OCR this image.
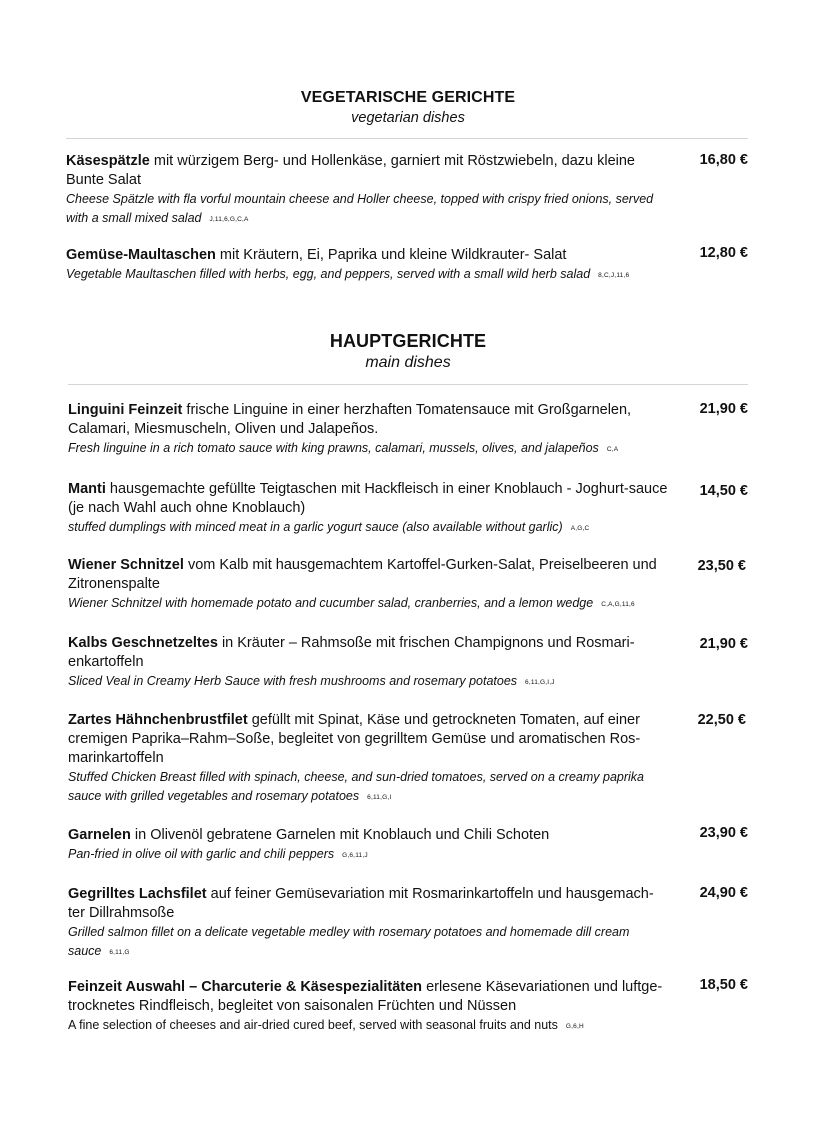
VEGETARISCHE GERICHTE
vegetarian dishes
Käsespätzle mit würzigem Berg- und Hollenkäse, garniert mit Röstzwiebeln, dazu kleine Bunte Salat
Cheese Spätzle with fla vorful mountain cheese and Holler cheese, topped with crispy fried onions, served with a small mixed salad J,11,6,G,C,A
16,80 €
Gemüse-Maultaschen mit Kräutern, Ei, Paprika und kleine Wildkrauter- Salat
Vegetable Maultaschen filled with herbs, egg, and peppers, served with a small wild herb salad 8,C,J,11,6
12,80 €
HAUPTGERICHTE
main dishes
Linguini Feinzeit frische Linguine in einer herzhaften Tomatensauce mit Großgarnelen, Calamari, Miesmuscheln, Oliven und Jalapeños.
Fresh linguine in a rich tomato sauce with king prawns, calamari, mussels, olives, and jalapeños C,A
21,90 €
Manti hausgemachte gefüllte Teigtaschen mit Hackfleisch in einer Knoblauch - Joghurt-sauce (je nach Wahl auch ohne Knoblauch)
stuffed dumplings with minced meat in a garlic yogurt sauce (also available without garlic) A,G,C
14,50 €
Wiener Schnitzel vom Kalb mit hausgemachtem Kartoffel-Gurken-Salat, Preiselbeeren und Zitronenspalte
Wiener Schnitzel with homemade potato and cucumber salad, cranberries, and a lemon wedge C,A,G,11,6
23,50 €
Kalbs Geschnetzeltes in Kräuter – Rahmsoße mit frischen Champignons und Rosmari-enkartoffeln
Sliced Veal in Creamy Herb Sauce with fresh mushrooms and rosemary potatoes 6,11,G,I,J
21,90 €
Zartes Hähnchenbrustfilet gefüllt mit Spinat, Käse und getrockneten Tomaten, auf einer cremigen Paprika–Rahm–Soße, begleitet von gegrilltem Gemüse und aromatischen Ros-marinkartoffeln
Stuffed Chicken Breast filled with spinach, cheese, and sun-dried tomatoes, served on a creamy paprika sauce with grilled vegetables and rosemary potatoes 6,11,G,I
22,50 €
Garnelen in Olivenöl gebratene Garnelen mit Knoblauch und Chili Schoten
Pan-fried in olive oil with garlic and chili peppers G,6,11,J
23,90 €
Gegrilltes Lachsfilet auf feiner Gemüsevariation mit Rosmarinkartoffeln und hausgemach-ter Dillrahmsoße
Grilled salmon fillet on a delicate vegetable medley with rosemary potatoes and homemade dill cream sauce 6,11,G
24,90 €
Feinzeit Auswahl – Charcuterie & Käsespezialitäten erlesene Käsevariationen und luftge-trocknetes Rindfleisch, begleitet von saisonalen Früchten und Nüssen
A fine selection of cheeses and air-dried cured beef, served with seasonal fruits and nuts G,6,H
18,50 €
